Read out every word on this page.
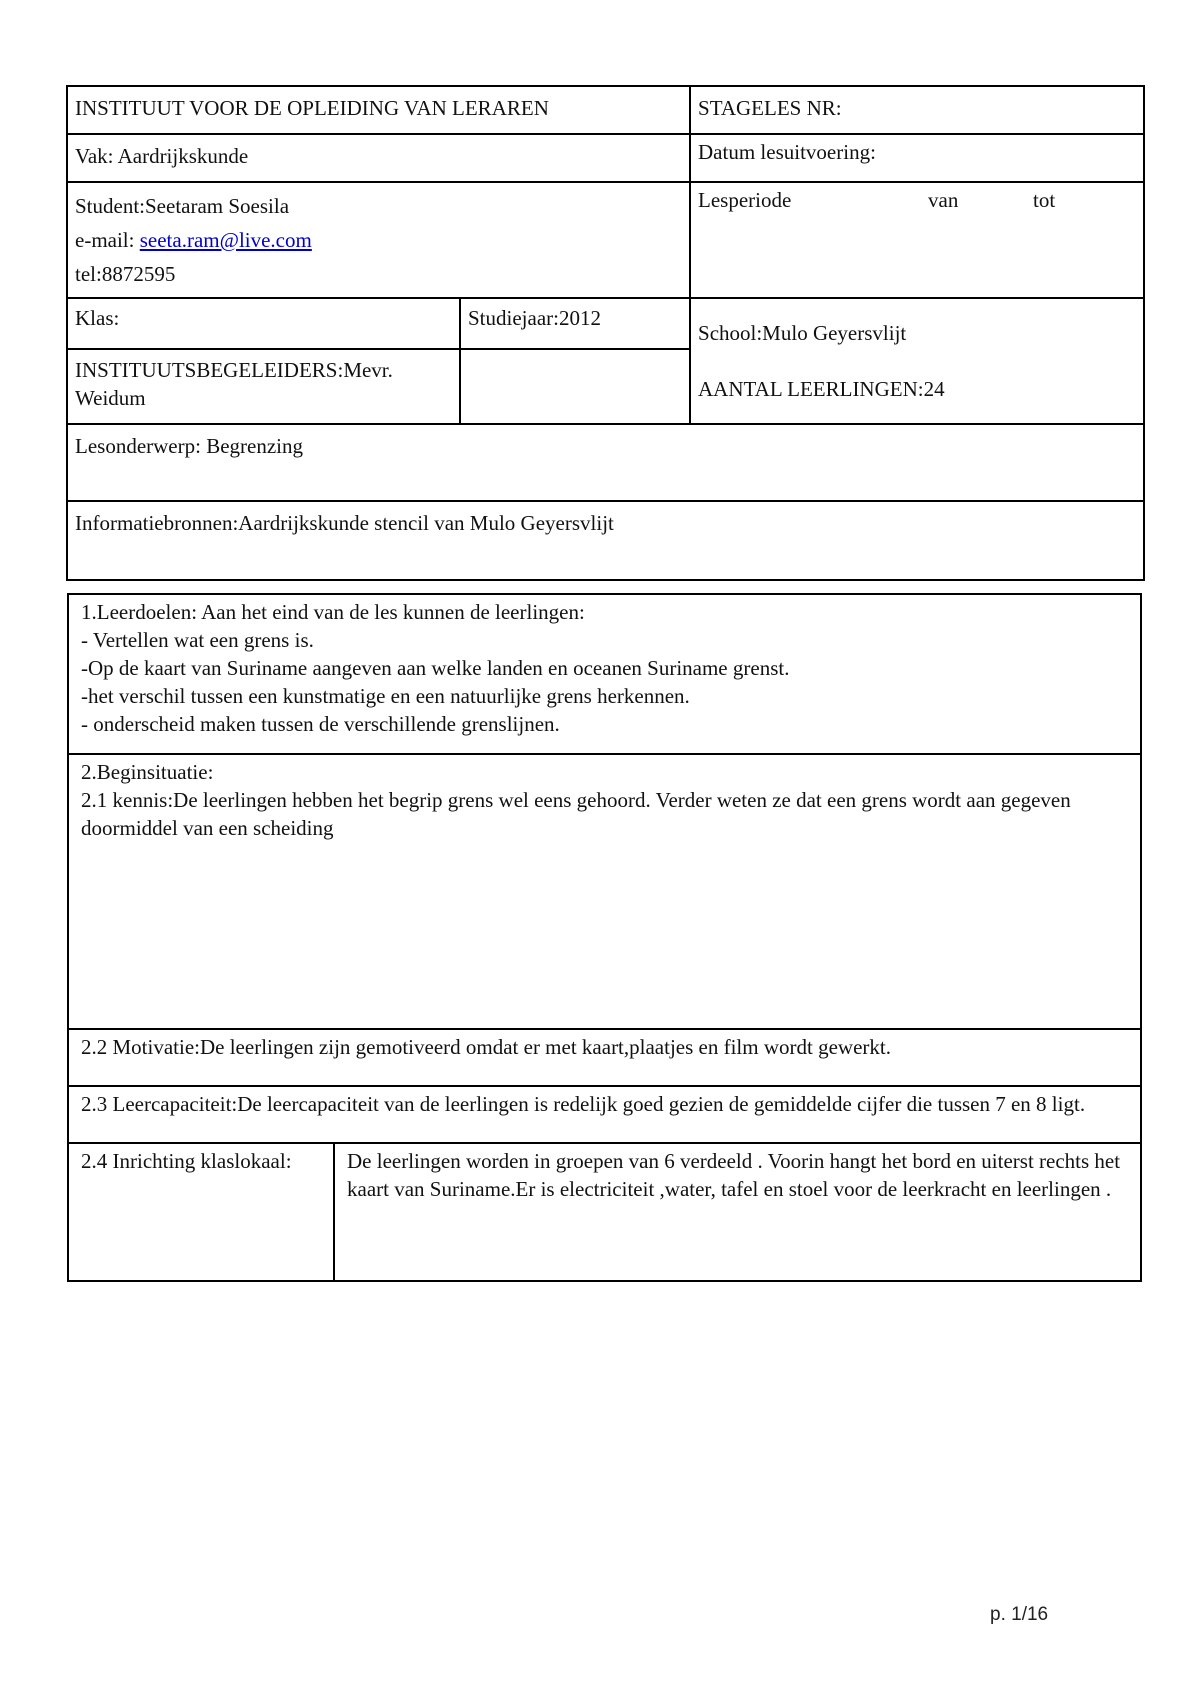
INSTITUUT VOOR DE OPLEIDING VAN LERAREN		STAGELES NR:
Vak: Aardrijkskunde		Datum lesuitvoering:

Student:Seetaram Soesila
e-mail: seeta.ram@live.com
tel:8872595		Lesperiode van tot

Klas:	Studiejaar:2012	School:Mulo Geyersvlijt
AANTAL LEERLINGEN:24

INSTITUUTSBEGELEIDERS:Mevr. Weidum		
Lesonderwerp: Begrenzing		
Informatiebronnen:Aardrijkskunde stencil van Mulo Geyersvlijt		
1.Leerdoelen: Aan het eind van de les kunnen de leerlingen:
- Vertellen wat een grens is.
-Op de kaart van Suriname aangeven aan welke landen en oceanen Suriname grenst.
-het verschil tussen een kunstmatige en een natuurlijke grens herkennen.
- onderscheid maken tussen de verschillende grenslijnen.

2.Beginsituatie:
2.1 kennis:De leerlingen hebben het begrip grens wel eens gehoord. Verder weten ze dat een grens wordt aan gegeven doormiddel van een scheiding
2.2 Motivatie:De leerlingen zijn gemotiveerd omdat er met kaart,plaatjes en film wordt gewerkt.
2.3 Leercapaciteit:De leercapaciteit van de leerlingen is redelijk goed gezien de gemiddelde cijfer die tussen 7 en 8 ligt.
2.4 Inrichting klaslokaal:	De leerlingen worden in groepen van 6 verdeeld . Voorin hangt het bord en uiterst rechts het kaart van Suriname.Er is electriciteit ,water, tafel en stoel voor de leerkracht en leerlingen .
p. 1/16
